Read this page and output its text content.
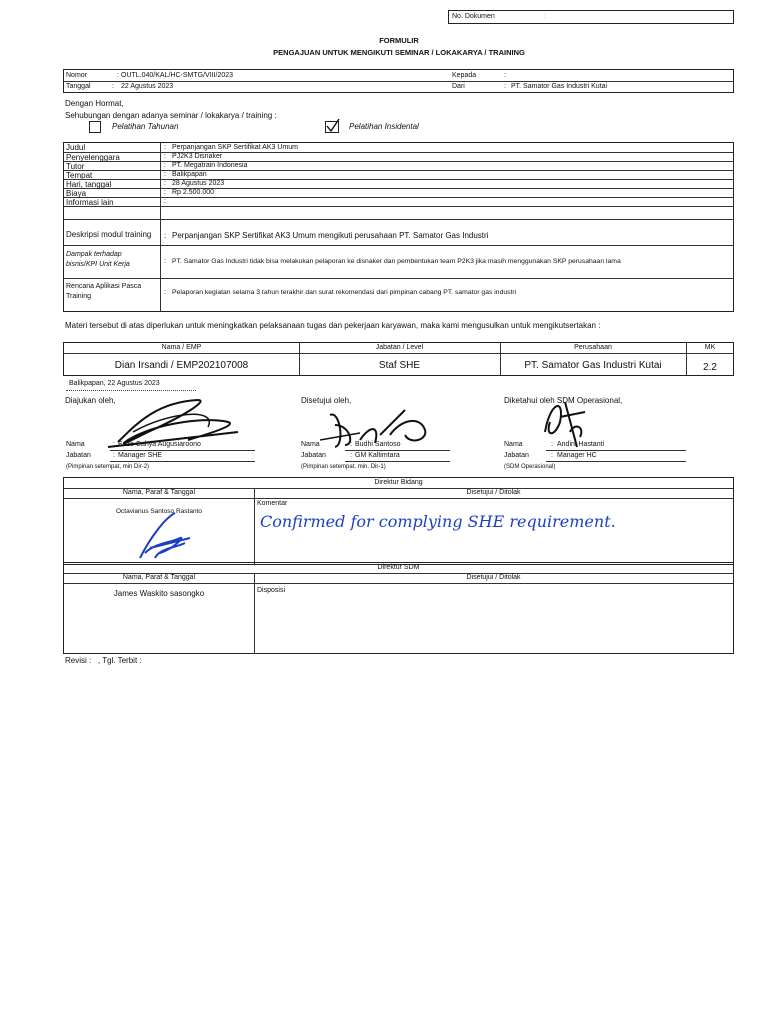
No. Dokumen	:
FORMULIR
PENGAJUAN UNTUK MENGIKUTI SEMINAR / LOKAKARYA / TRAINING
Nomor	: OUTL.040/KAL/HC-SMTG/VIII/2023
Tanggal	: 22 Agustus 2023
Kepada	:
Dari	: PT. Samator Gas Industri Kutai
Dengan Hormat,
Sehubungan dengan adanya seminar / lokakarya / training :
Pelatihan Tahunan	Pelatihan Insidental
Judul	: Perpanjangan SKP Sertifikat AK3 Umum
Penyelenggara	: PJ2K3 Disnaker
Tutor	: PT. Megatrain Indonesia
Tempat	: Balikpapan
Hari, tanggal	: 28 Agustus 2023
Biaya	: Rp 2.500.000
Informasi lain	:
Deskripsi modul training : Perpanjangan SKP Sertifikat AK3 Umum mengikuti perusahaan PT. Samator Gas Industri
Dampak terhadap
bisnis/KPI Unit Kerja	: PT. Samator Gas Industri tidak bisa melakukan pelaporan ke disnaker dan pembentukan team P2K3 jika masih menggunakan SKP perusahaan lama
Rencana Aplikasi Pasca
Training
: Pelaporan kegiatan selama 3 tahun terakhir dan surat rekomendasi dari pimpinan cabang PT. samator gas industri
Materi tersebut di atas diperlukan untuk meningkatkan pelaksanaan tugas dan pekerjaan karyawan, maka kami mengusulkan untuk mengikutsertakan :
Nama / EMP	Jabatan / Level	Perusahaan	MK
Dian Irsandi / EMP202107008	Staf SHE	PT. Samator Gas Industri Kutai	2.2
Balikpapan, 22 Agustus 2023
Diajukan oleh,	Disetujui oleh,	Diketahui oleh SDM Operasional,
Nama	: Enzo Cahya Augusiaroono
Jabatan	: Manager SHE
(Pimpinan setempat, min Dir-2)
Nama	: Budhi Santoso
Jabatan	: GM Kaltimtara
(Pimpinan setempat, min. Dir-1)
Nama	: Andini Hastanti
Jabatan	: Manager HC
(SDM Operasional)
Direktur Bidang
Nama, Paraf & Tanggal	Disetujui / Ditolak
Octavianus Santoso Rastanto
Komentar
Confirmed for complying SHE requirement.
Direktur SDM
Nama, Paraf & Tanggal	Disetujui / Ditolak
James Waskito sasongko	Disposisi
Revisi :   , Tgl. Terbit :
